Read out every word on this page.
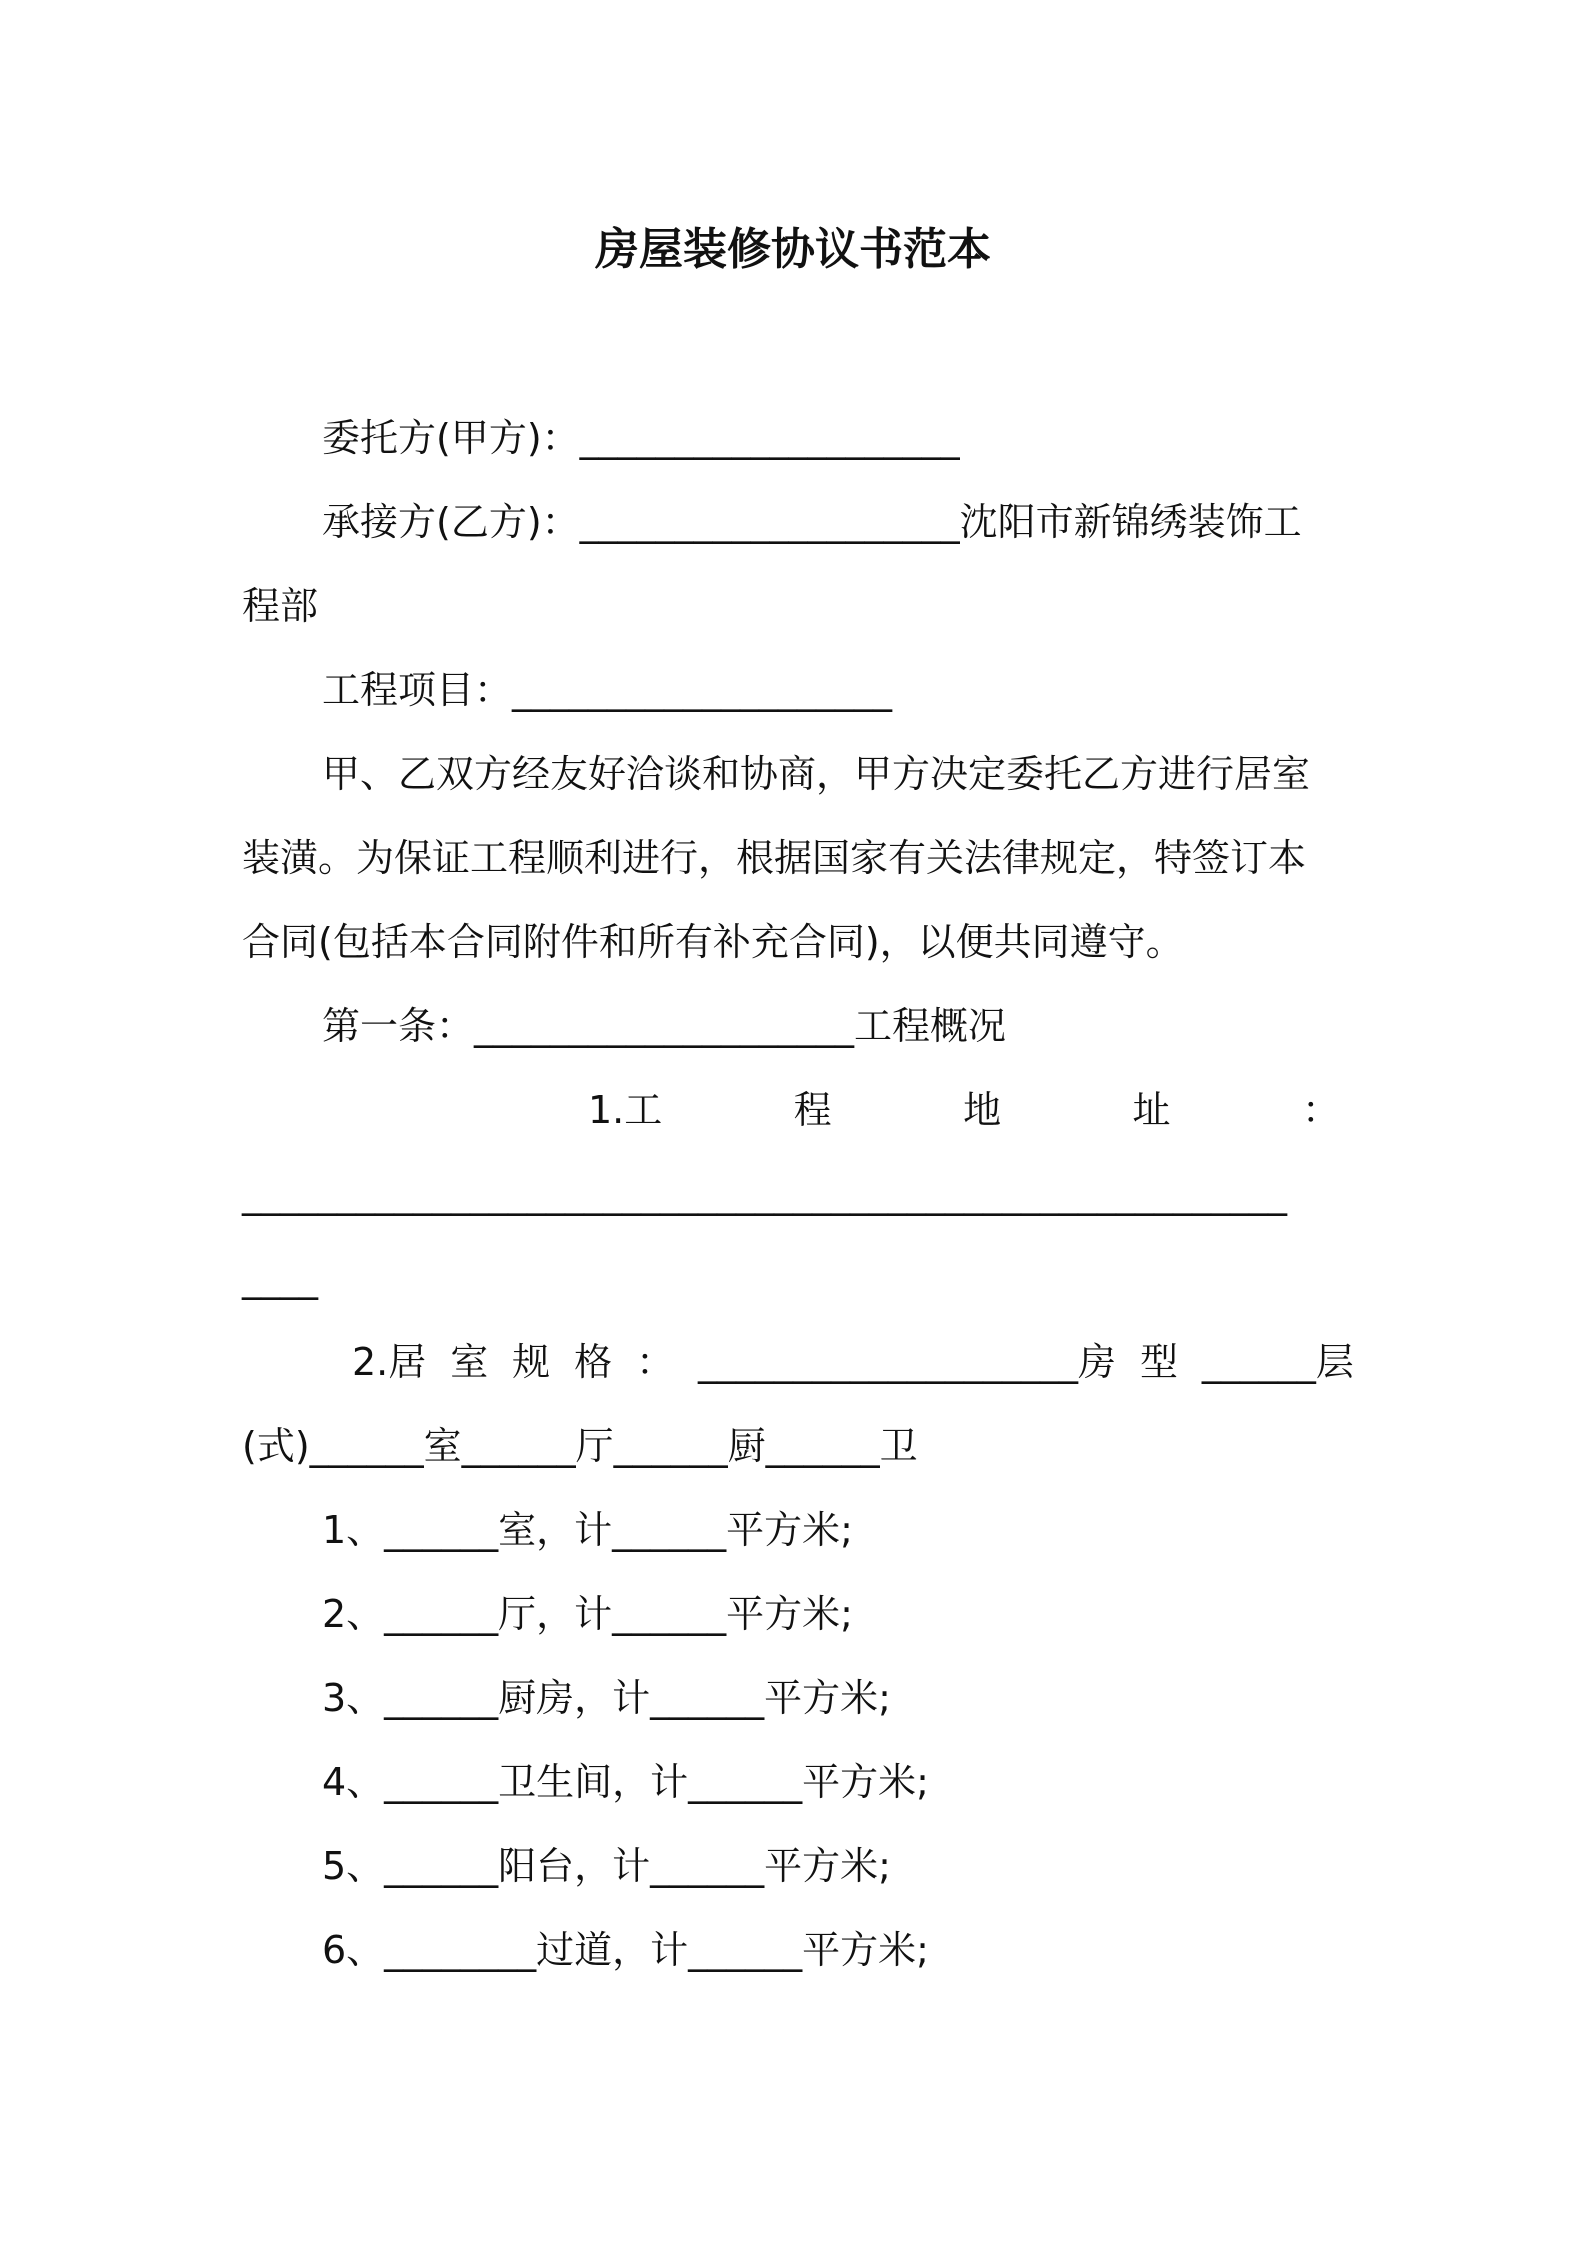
房屋装修协议书范本
委托方(甲方)：____________________
承接方(乙方)：____________________沈阳市新锦绣装饰工
程部
工程项目：____________________
甲、乙双方经友好洽谈和协商，甲方决定委托乙方进行居室
装潢。为保证工程顺利进行，根据国家有关法律规定，特签订本
合同(包括本合同附件和所有补充合同)，以便共同遵守。
第一条：____________________工程概况
1.工	程	地	址	：
_______________________________________________________
____
2.居 室 规 格 ： ____________________房 型 ______层
(式)______室______厅______厨______卫
1、______室，计______平方米;
2、______厅，计______平方米;
3、______厨房，计______平方米;
4、______卫生间，计______平方米;
5、______阳台，计______平方米;
6、________过道，计______平方米;
